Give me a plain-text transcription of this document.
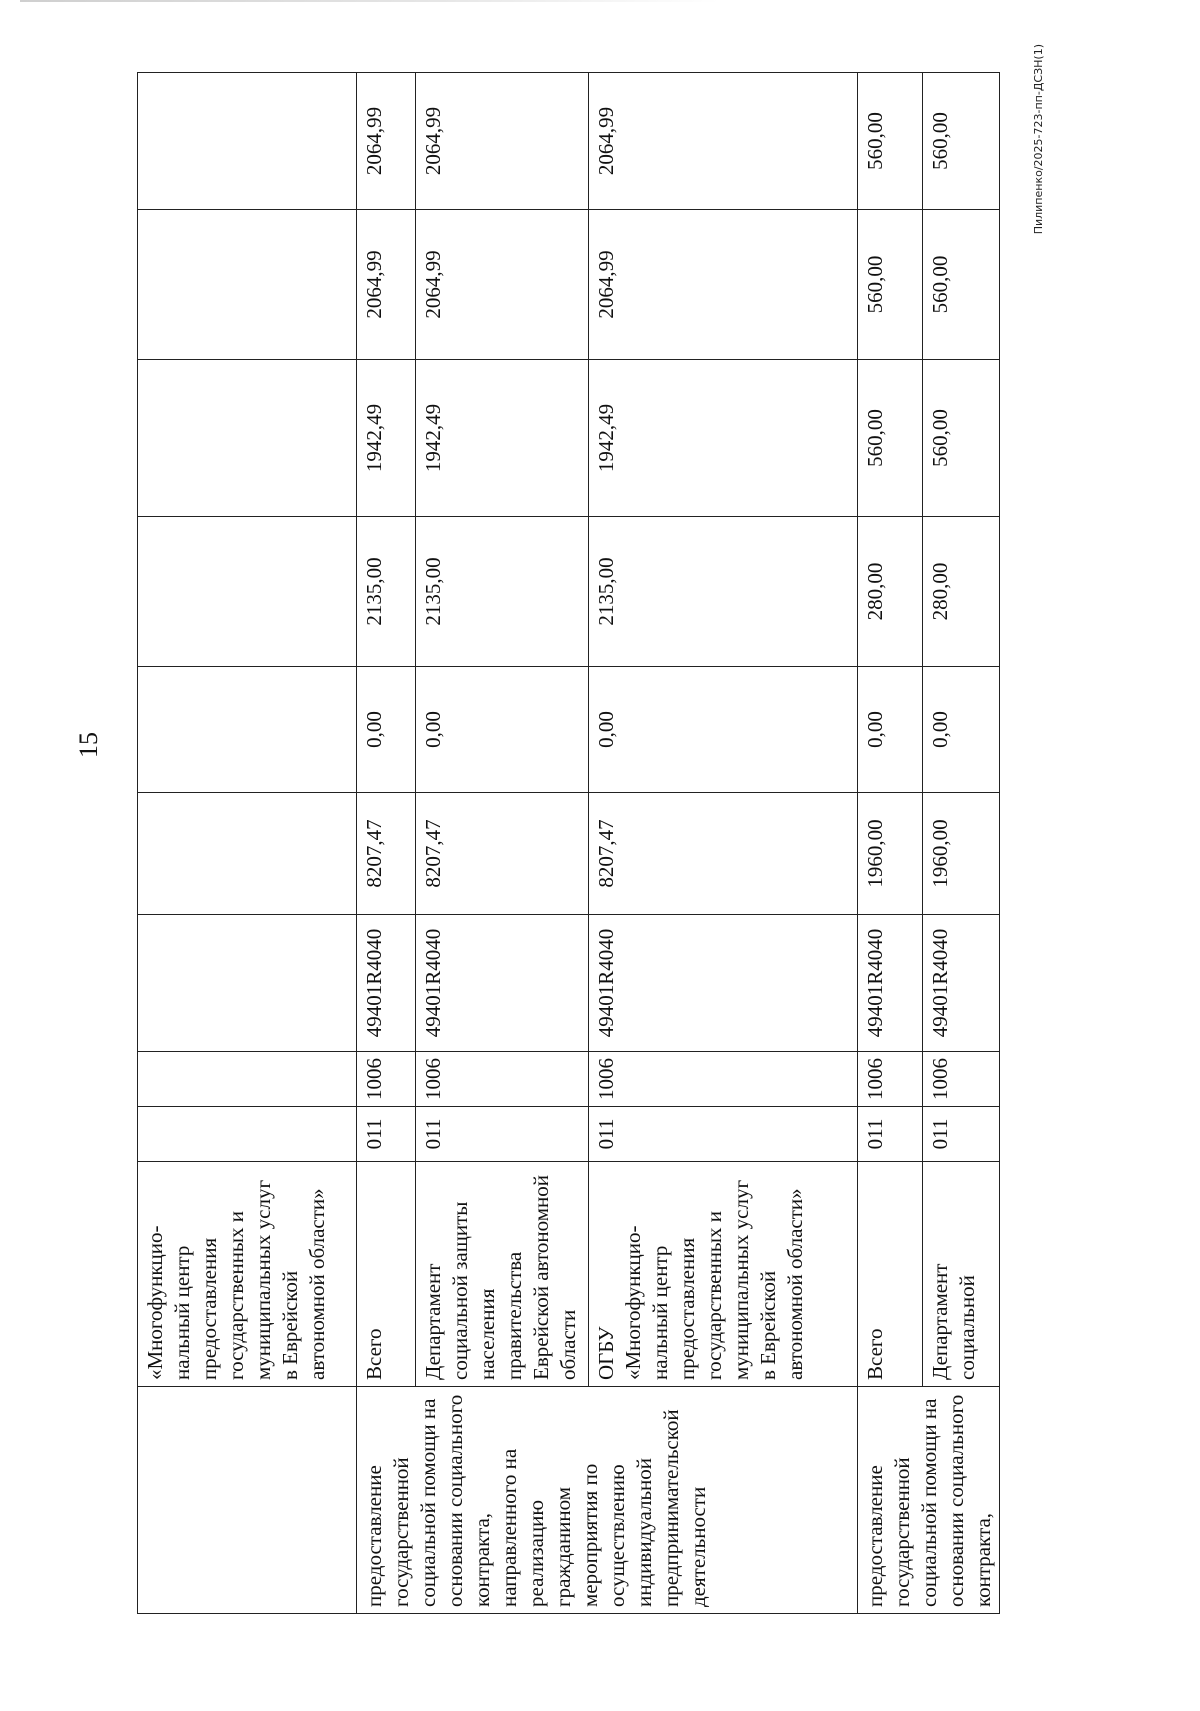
15
	«Многофункцио-нальный центр предоставления государственных и муниципальных услуг в Еврейской автономной области»									
предоставление государственной социальной помощи на основании социального контракта, направленного на реализацию гражданином мероприятия по осуществлению индивидуальной предпринимательской деятельности	Всего	011	1006	49401R4040	8207,47	0,00	2135,00	1942,49	2064,99	2064,99
	Департамент социальной защиты населения правительства Еврейской автономной области	011	1006	49401R4040	8207,47	0,00	2135,00	1942,49	2064,99	2064,99
	ОГБУ «Многофункцио-нальный центр предоставления государственных и муниципальных услуг в Еврейской автономной области»	011	1006	49401R4040	8207,47	0,00	2135,00	1942,49	2064,99	2064,99
предоставление государственной социальной помощи на основании социального контракта,	Всего	011	1006	49401R4040	1960,00	0,00	280,00	560,00	560,00	560,00
	Департамент социальной	011	1006	49401R4040	1960,00	0,00	280,00	560,00	560,00	560,00	Пилипенко/2025-723-пп-ДСЗН(1)
